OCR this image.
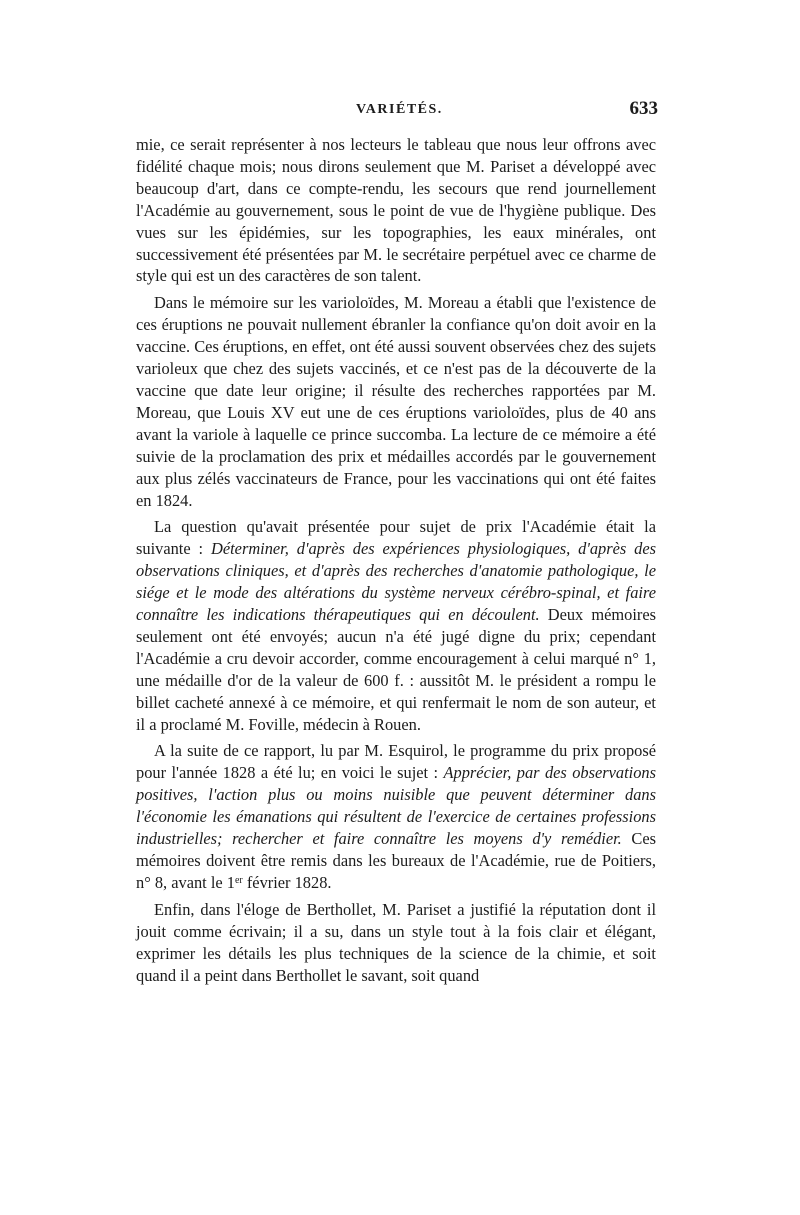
VARIÉTÉS.	633

mie, ce serait représenter à nos lecteurs le tableau que nous leur offrons avec fidélité chaque mois; nous dirons seulement que M. Pariset a développé avec beaucoup d'art, dans ce compte-rendu, les secours que rend journellement l'Académie au gouvernement, sous le point de vue de l'hygiène publique. Des vues sur les épidémies, sur les topographies, les eaux minérales, ont successivement été présentées par M. le secrétaire perpétuel avec ce charme de style qui est un des caractères de son talent.

Dans le mémoire sur les varioloïdes, M. Moreau a établi que l'existence de ces éruptions ne pouvait nullement ébranler la confiance qu'on doit avoir en la vaccine. Ces éruptions, en effet, ont été aussi souvent observées chez des sujets varioleux que chez des sujets vaccinés, et ce n'est pas de la découverte de la vaccine que date leur origine; il résulte des recherches rapportées par M. Moreau, que Louis XV eut une de ces éruptions varioloïdes, plus de 40 ans avant la variole à laquelle ce prince succomba. La lecture de ce mémoire a été suivie de la proclamation des prix et médailles accordés par le gouvernement aux plus zélés vaccinateurs de France, pour les vaccinations qui ont été faites en 1824.

La question qu'avait présentée pour sujet de prix l'Académie était la suivante : Déterminer, d'après des expériences physiologiques, d'après des observations cliniques, et d'après des recherches d'anatomie pathologique, le siége et le mode des altérations du système nerveux cérébro-spinal, et faire connaître les indications thérapeutiques qui en découlent. Deux mémoires seulement ont été envoyés; aucun n'a été jugé digne du prix; cependant l'Académie a cru devoir accorder, comme encouragement à celui marqué n° 1, une médaille d'or de la valeur de 600 f. : aussitôt M. le président a rompu le billet cacheté annexé à ce mémoire, et qui renfermait le nom de son auteur, et il a proclamé M. Foville, médecin à Rouen.

A la suite de ce rapport, lu par M. Esquirol, le programme du prix proposé pour l'année 1828 a été lu; en voici le sujet : Apprécier, par des observations positives, l'action plus ou moins nuisible que peuvent déterminer dans l'économie les émanations qui résultent de l'exercice de certaines professions industrielles; rechercher et faire connaître les moyens d'y remédier. Ces mémoires doivent être remis dans les bureaux de l'Académie, rue de Poitiers, n° 8, avant le 1er février 1828.

Enfin, dans l'éloge de Berthollet, M. Pariset a justifié la réputation dont il jouit comme écrivain; il a su, dans un style tout à la fois clair et élégant, exprimer les détails les plus techniques de la science de la chimie, et soit quand il a peint dans Berthollet le savant, soit quand
